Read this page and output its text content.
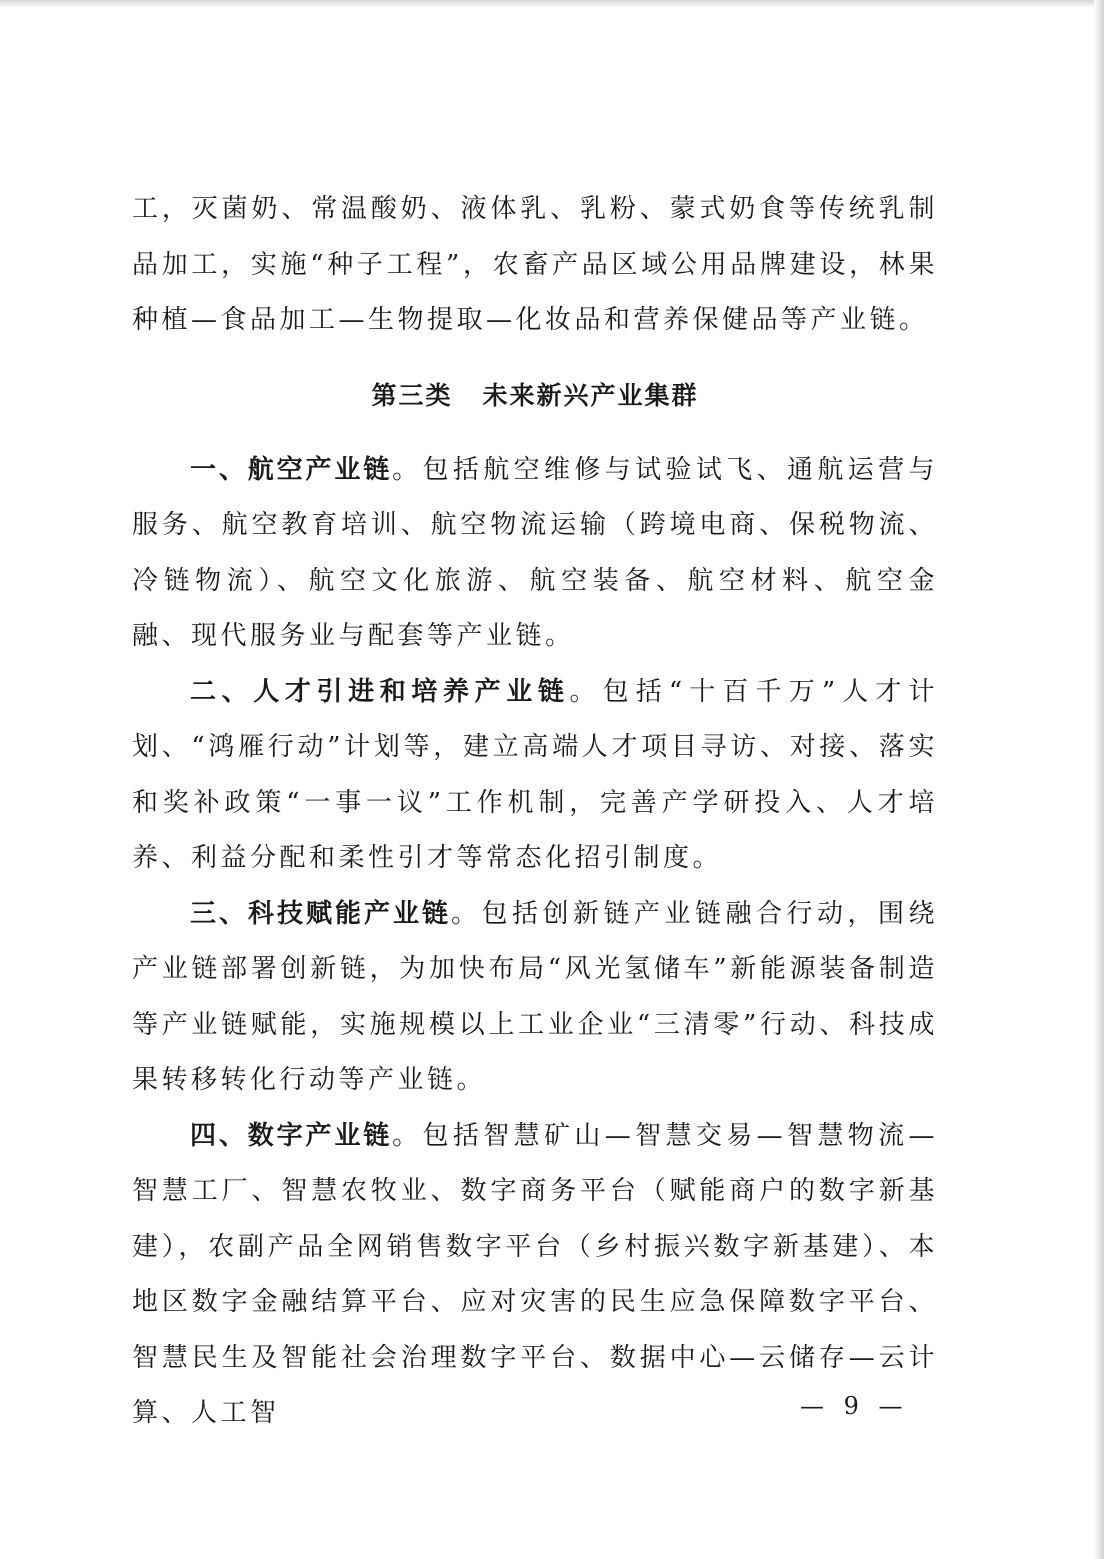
工，灭菌奶、常温酸奶、液体乳、乳粉、蒙式奶食等传统乳制品加工，实施“种子工程”，农畜产品区域公用品牌建设，林果种植—食品加工—生物提取—化妆品和营养保健品等产业链。

第三类 未来新兴产业集群

一、航空产业链。包括航空维修与试验试飞、通航运营与服务、航空教育培训、航空物流运输（跨境电商、保税物流、冷链物流）、航空文化旅游、航空装备、航空材料、航空金融、现代服务业与配套等产业链。

二、人才引进和培养产业链。包括“十百千万”人才计划、“鸿雁行动”计划等，建立高端人才项目寻访、对接、落实和奖补政策“一事一议”工作机制，完善产学研投入、人才培养、利益分配和柔性引才等常态化招引制度。

三、科技赋能产业链。包括创新链产业链融合行动，围绕产业链部署创新链，为加快布局“风光氢储车”新能源装备制造等产业链赋能，实施规模以上工业企业“三清零”行动、科技成果转移转化行动等产业链。

四、数字产业链。包括智慧矿山—智慧交易—智慧物流—智慧工厂、智慧农牧业、数字商务平台（赋能商户的数字新基建），农副产品全网销售数字平台（乡村振兴数字新基建）、本地区数字金融结算平台、应对灾害的民生应急保障数字平台、智慧民生及智能社会治理数字平台、数据中心—云储存—云计算、人工智	— 9 —
